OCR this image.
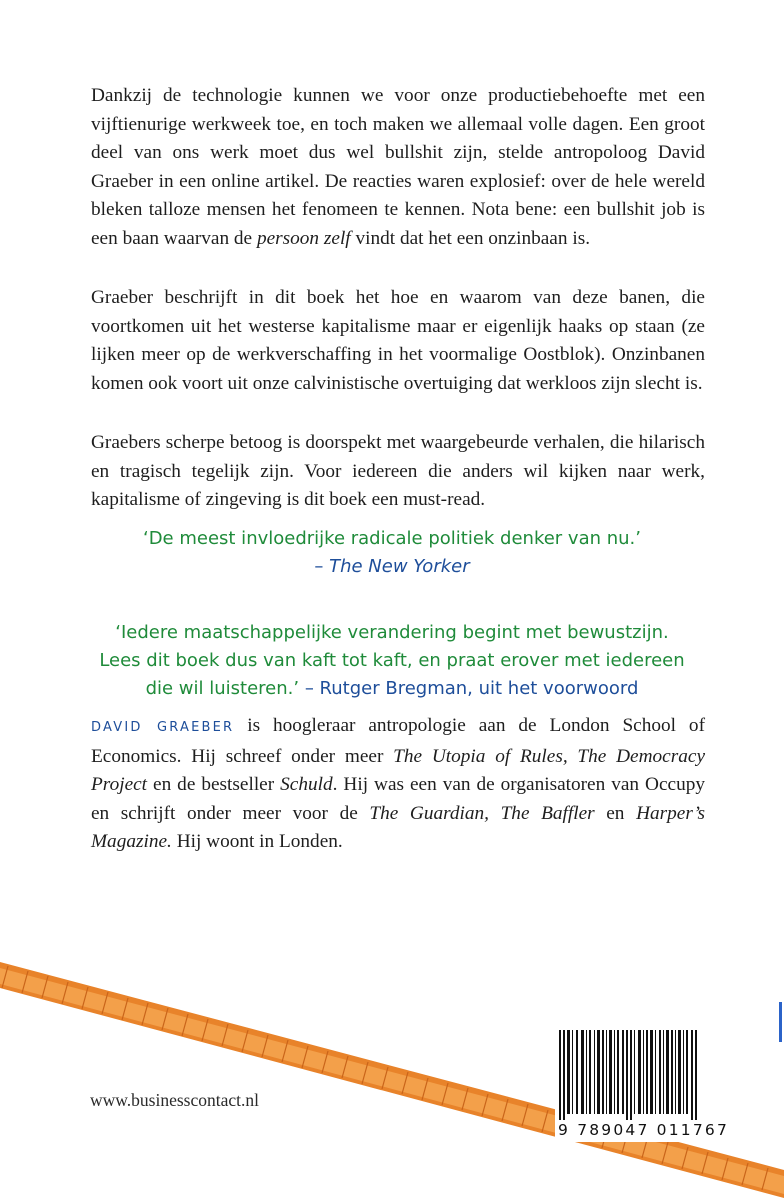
Dankzij de technologie kunnen we voor onze productiebehoefte met een vijftienurige werkweek toe, en toch maken we allemaal volle dagen. Een groot deel van ons werk moet dus wel bullshit zijn, stelde antropoloog David Graeber in een online artikel. De reacties waren explosief: over de hele wereld bleken talloze mensen het fenomeen te kennen. Nota bene: een bullshit job is een baan waarvan de persoon zelf vindt dat het een onzinbaan is.

Graeber beschrijft in dit boek het hoe en waarom van deze banen, die voortkomen uit het westerse kapitalisme maar er eigenlijk haaks op staan (ze lijken meer op de werkverschaffing in het voormalige Oostblok). Onzinbanen komen ook voort uit onze calvinistische overtuiging dat werkloos zijn slecht is.

Graebers scherpe betoog is doorspekt met waargebeurde verhalen, die hilarisch en tragisch tegelijk zijn. Voor iedereen die anders wil kijken naar werk, kapitalisme of zingeving is dit boek een must-read.

‘De meest invloedrijke radicale politiek denker van nu.’
– The New Yorker
‘Iedere maatschappelijke verandering begint met bewustzijn.
Lees dit boek dus van kaft tot kaft, en praat erover met iedereen
die wil luisteren.’ – Rutger Bregman, uit het voorwoord
DAVID GRAEBER is hoogleraar antropologie aan de London School of Economics. Hij schreef onder meer The Utopia of Rules, The Democracy Project en de bestseller Schuld. Hij was een van de organisatoren van Occupy en schrijft onder meer voor de The Guardian, The Baffler en Harper’s Magazine. Hij woont in Londen.
9 789047 011767
www.businesscontact.nl
